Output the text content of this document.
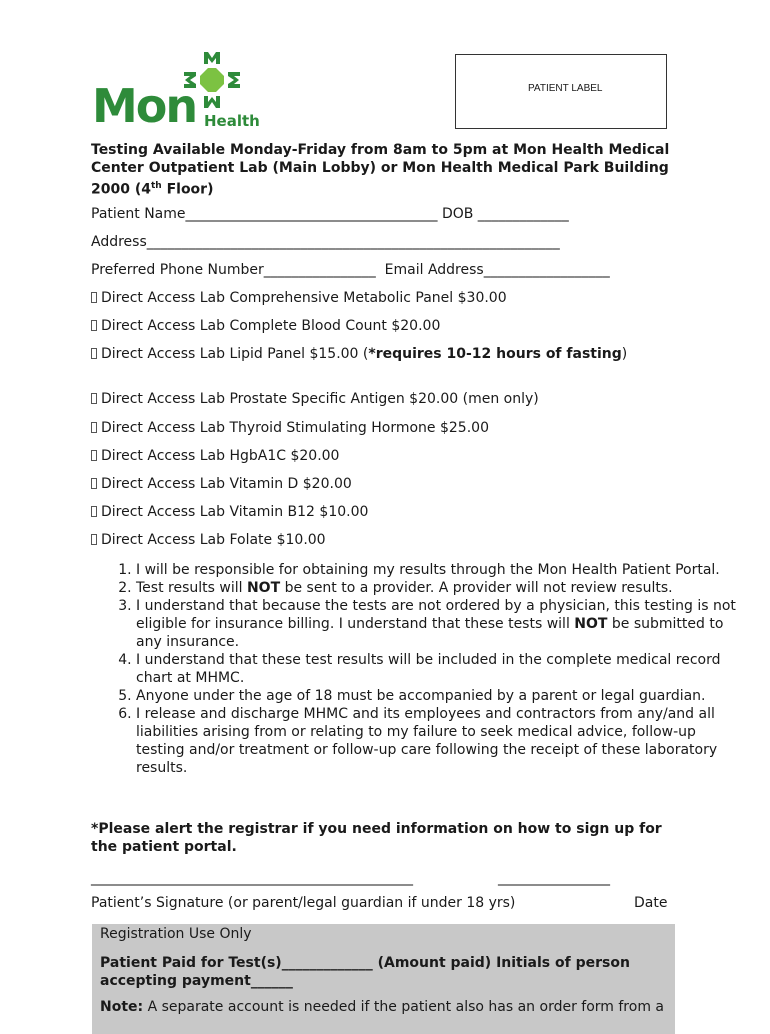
Mon Health
PATIENT LABEL
Testing Available Monday-Friday from 8am to 5pm at Mon Health Medical
Center Outpatient Lab (Main Lobby) or Mon Health Medical Park Building
2000 (4th Floor)
Patient Name____________________________________ DOB _____________
Address___________________________________________________________
Preferred Phone Number________________  Email Address__________________
Direct Access Lab Comprehensive Metabolic Panel $30.00
Direct Access Lab Complete Blood Count $20.00
Direct Access Lab Lipid Panel $15.00 (*requires 10-12 hours of fasting)
Direct Access Lab Prostate Specific Antigen $20.00 (men only)
Direct Access Lab Thyroid Stimulating Hormone $25.00
Direct Access Lab HgbA1C $20.00
Direct Access Lab Vitamin D $20.00
Direct Access Lab Vitamin B12 $10.00
Direct Access Lab Folate $10.00
1. I will be responsible for obtaining my results through the Mon Health Patient Portal.
2. Test results will NOT be sent to a provider. A provider will not review results.
3. I understand that because the tests are not ordered by a physician, this testing is not eligible for insurance billing. I understand that these tests will NOT be submitted to any insurance.
4. I understand that these test results will be included in the complete medical record chart at MHMC.
5. Anyone under the age of 18 must be accompanied by a parent or legal guardian.
6. I release and discharge MHMC and its employees and contractors from any/and all liabilities arising from or relating to my failure to seek medical advice, follow-up testing and/or treatment or follow-up care following the receipt of these laboratory results.
*Please alert the registrar if you need information on how to sign up for the patient portal.
______________________________________________	________________
Patient’s Signature (or parent/legal guardian if under 18 yrs)	Date
Registration Use Only
Patient Paid for Test(s)_____________ (Amount paid) Initials of person accepting payment______
Note: A separate account is needed if the patient also has an order form from a
